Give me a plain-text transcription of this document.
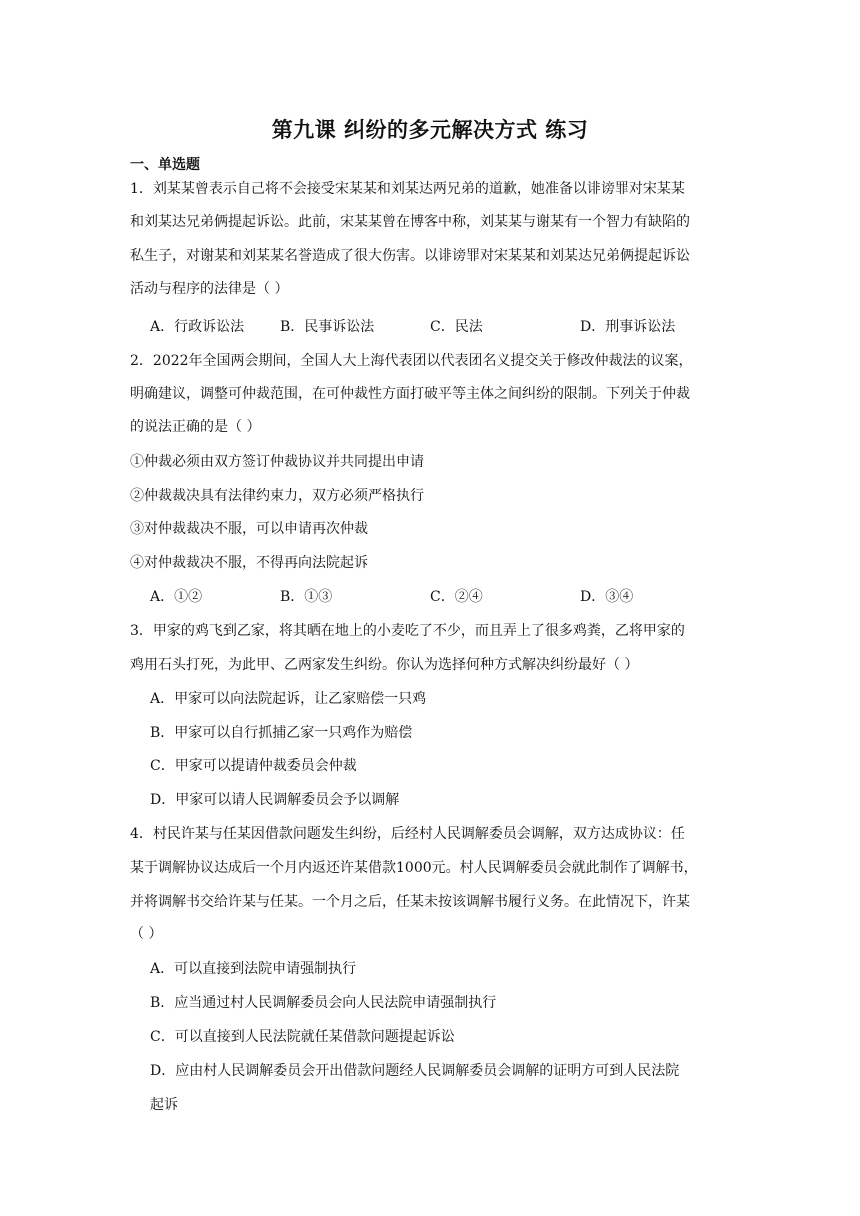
第九课 纠纷的多元解决方式 练习
一、单选题
1．刘某某曾表示自己将不会接受宋某某和刘某达两兄弟的道歉，她准备以诽谤罪对宋某某
和刘某达兄弟俩提起诉讼。此前，宋某某曾在博客中称，刘某某与谢某有一个智力有缺陷的
私生子，对谢某和刘某某名誉造成了很大伤害。以诽谤罪对宋某某和刘某达兄弟俩提起诉讼
活动与程序的法律是（ ）
A．行政诉讼法	B．民事诉讼法	C．民法	D．刑事诉讼法
2．2022年全国两会期间，全国人大上海代表团以代表团名义提交关于修改仲裁法的议案，
明确建议，调整可仲裁范围，在可仲裁性方面打破平等主体之间纠纷的限制。下列关于仲裁
的说法正确的是（ ）
①仲裁必须由双方签订仲裁协议并共同提出申请
②仲裁裁决具有法律约束力，双方必须严格执行
③对仲裁裁决不服，可以申请再次仲裁
④对仲裁裁决不服，不得再向法院起诉
A．①②	B．①③	C．②④	D．③④
3．甲家的鸡飞到乙家，将其晒在地上的小麦吃了不少，而且弄上了很多鸡粪，乙将甲家的
鸡用石头打死，为此甲、乙两家发生纠纷。你认为选择何种方式解决纠纷最好（ ）
A．甲家可以向法院起诉，让乙家赔偿一只鸡
B．甲家可以自行抓捕乙家一只鸡作为赔偿
C．甲家可以提请仲裁委员会仲裁
D．甲家可以请人民调解委员会予以调解
4．村民许某与任某因借款问题发生纠纷，后经村人民调解委员会调解，双方达成协议：任
某于调解协议达成后一个月内返还许某借款1000元。村人民调解委员会就此制作了调解书，
并将调解书交给许某与任某。一个月之后，任某未按该调解书履行义务。在此情况下，许某
（ ）
A．可以直接到法院申请强制执行
B．应当通过村人民调解委员会向人民法院申请强制执行
C．可以直接到人民法院就任某借款问题提起诉讼
D．应由村人民调解委员会开出借款问题经人民调解委员会调解的证明方可到人民法院
起诉
